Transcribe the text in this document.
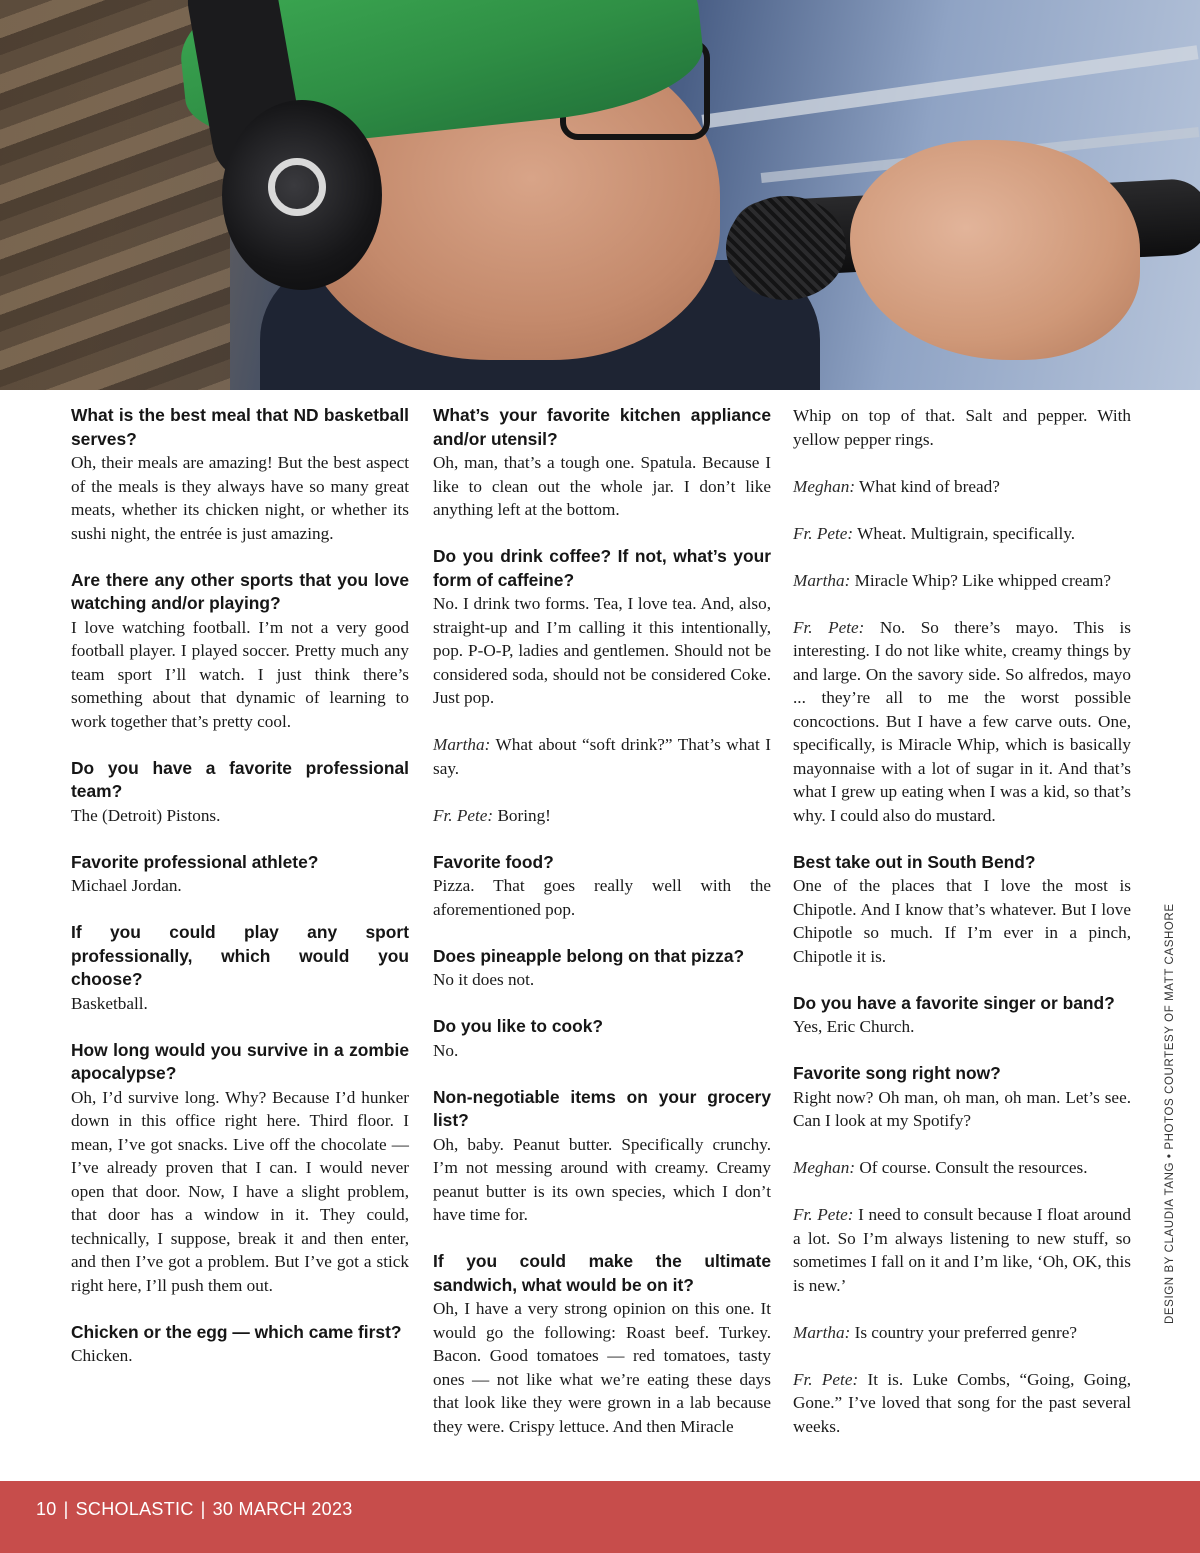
What is the best meal that ND basketball serves?

Oh, their meals are amazing! But the best aspect of the meals is they always have so many great meats, whether its chicken night, or whether its sushi night, the entrée is just amazing.

Are there any other sports that you love watching and/or playing?

I love watching football. I’m not a very good football player. I played soccer. Pretty much any team sport I’ll watch. I just think there’s something about that dynamic of learning to work together that’s pretty cool.

Do you have a favorite professional team?

The (Detroit) Pistons.

Favorite professional athlete?

Michael Jordan.

If you could play any sport professionally, which would you choose?

Basketball.

How long would you survive in a zombie apocalypse?

Oh, I’d survive long. Why? Because I’d hunker down in this office right here. Third floor. I mean, I’ve got snacks. Live off the chocolate — I’ve already proven that I can. I would never open that door. Now, I have a slight problem, that door has a window in it. They could, technically, I suppose, break it and then enter, and then I’ve got a problem. But I’ve got a stick right here, I’ll push them out.

Chicken or the egg — which came first?

Chicken.

What’s your favorite kitchen appliance and/or utensil?

Oh, man, that’s a tough one. Spatula. Because I like to clean out the whole jar. I don’t like anything left at the bottom.

Do you drink coffee? If not, what’s your form of caffeine?

No. I drink two forms. Tea, I love tea. And, also, straight-up and I’m calling it this intentionally, pop. P-O-P, ladies and gentlemen. Should not be considered soda, should not be considered Coke. Just pop.

Martha: What about “soft drink?” That’s what I say.

Fr. Pete: Boring!

Favorite food?

Pizza. That goes really well with the aforementioned pop.

Does pineapple belong on that pizza?

No it does not.

Do you like to cook?

No.

Non-negotiable items on your grocery list?

Oh, baby. Peanut butter. Specifically crunchy. I’m not messing around with creamy. Creamy peanut butter is its own species, which I don’t have time for.

If you could make the ultimate sandwich, what would be on it?

Oh, I have a very strong opinion on this one. It would go the following: Roast beef. Turkey. Bacon. Good tomatoes — red tomatoes, tasty ones — not like what we’re eating these days that look like they were grown in a lab because they were. Crispy lettuce. And then Miracle

Whip on top of that. Salt and pepper. With yellow pepper rings.

Meghan: What kind of bread?

Fr. Pete: Wheat. Multigrain, specifically.

Martha: Miracle Whip? Like whipped cream?

Fr. Pete: No. So there’s mayo. This is interesting. I do not like white, creamy things by and large. On the savory side. So alfredos, mayo ... they’re all to me the worst possible concoctions. But I have a few carve outs. One, specifically, is Miracle Whip, which is basically mayonnaise with a lot of sugar in it. And that’s what I grew up eating when I was a kid, so that’s why. I could also do mustard.

Best take out in South Bend?

One of the places that I love the most is Chipotle. And I know that’s whatever. But I love Chipotle so much. If I’m ever in a pinch, Chipotle it is.

Do you have a favorite singer or band?

Yes, Eric Church.

Favorite song right now?

Right now? Oh man, oh man, oh man. Let’s see. Can I look at my Spotify?

Meghan: Of course. Consult the resources.

Fr. Pete: I need to consult because I float around a lot. So I’m always listening to new stuff, so sometimes I fall on it and I’m like, ‘Oh, OK, this is new.’

Martha: Is country your preferred genre?

Fr. Pete: It is. Luke Combs, “Going, Going, Gone.” I’ve loved that song for the past several weeks.

DESIGN BY CLAUDIA TANG • PHOTOS COURTESY OF MATT CASHORE
10 | SCHOLASTIC | 30 MARCH 2023
